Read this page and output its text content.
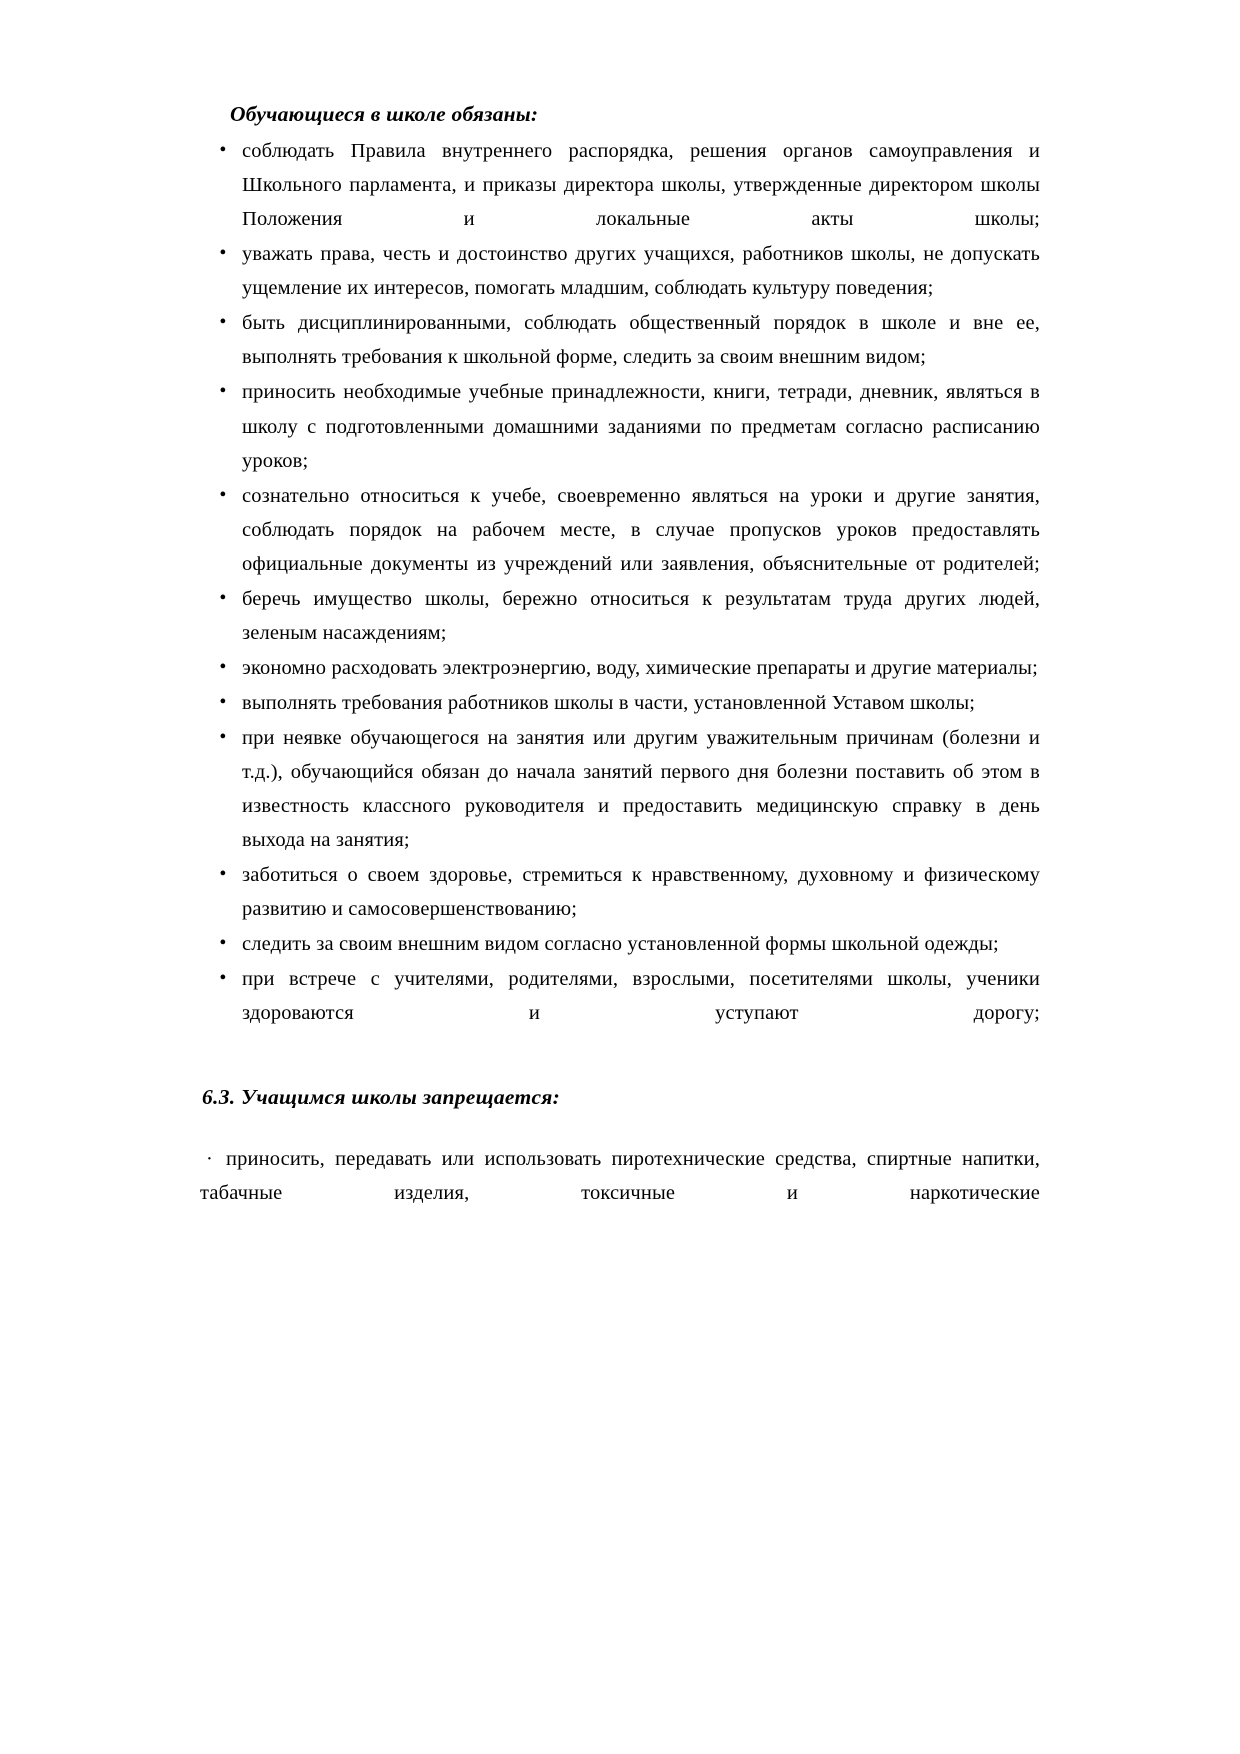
Обучающиеся в школе обязаны:
• соблюдать Правила внутреннего распорядка, решения органов самоуправления и Школьного парламента, и приказы директора школы, утвержденные директором школы Положения и локальные акты школы;
• уважать права, честь и достоинство других учащихся, работников школы, не допускать ущемление их интересов, помогать младшим, соблюдать культуру поведения;
• быть дисциплинированными, соблюдать общественный порядок в школе и вне ее, выполнять требования к школьной форме, следить за своим внешним видом;
• приносить необходимые учебные принадлежности, книги, тетради, дневник, являться в школу с подготовленными домашними заданиями по предметам согласно расписанию уроков;
• сознательно относиться к учебе, своевременно являться на уроки и другие занятия, соблюдать порядок на рабочем месте, в случае пропусков уроков предоставлять официальные документы из учреждений или заявления, объяснительные от родителей;
• беречь имущество школы, бережно относиться к результатам труда других людей, зеленым насаждениям;
• экономно расходовать электроэнергию, воду, химические препараты и другие материалы;
• выполнять требования работников школы в части, установленной Уставом школы;
• при неявке обучающегося на занятия или другим уважительным причинам (болезни и т.д.), обучающийся обязан до начала занятий первого дня болезни поставить об этом в известность классного руководителя и предоставить медицинскую справку в день выхода на занятия;
• заботиться о своем здоровье, стремиться к нравственному, духовному и физическому развитию и самосовершенствованию;
• следить за своим внешним видом согласно установленной формы школьной одежды;
• при встрече с учителями, родителями, взрослыми, посетителями школы, ученики здороваются и уступают дорогу;
6.3. Учащимся школы запрещается:
· приносить, передавать или использовать пиротехнические средства, спиртные напитки, табачные изделия, токсичные и наркотические
